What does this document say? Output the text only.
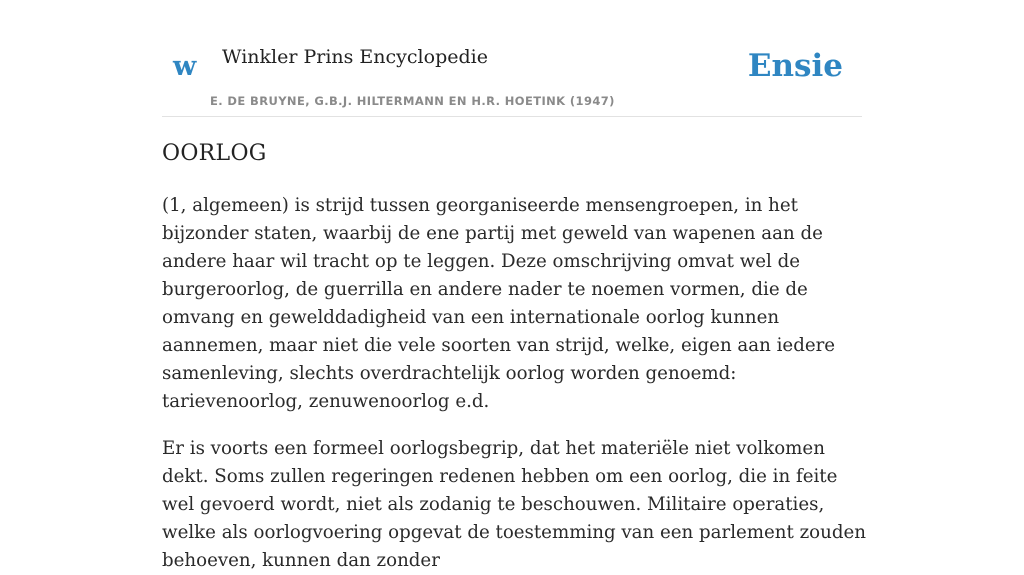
w Winkler Prins Encyclopedie
E. DE BRUYNE, G.B.J. HILTERMANN EN H.R. HOETINK (1947)
Ensie
OORLOG

(1, algemeen) is strijd tussen georganiseerde mensengroepen, in het bijzonder staten, waarbij de ene partij met geweld van wapenen aan de andere haar wil tracht op te leggen. Deze omschrijving omvat wel de burgeroorlog, de guerrilla en andere nader te noemen vormen, die de omvang en gewelddadigheid van een internationale oorlog kunnen aannemen, maar niet die vele soorten van strijd, welke, eigen aan iedere samenleving, slechts overdrachtelijk oorlog worden genoemd: tarievenoorlog, zenuwenoorlog e.d.

Er is voorts een formeel oorlogsbegrip, dat het materiële niet volkomen dekt. Soms zullen regeringen redenen hebben om een oorlog, die in feite wel gevoerd wordt, niet als zodanig te beschouwen. Militaire operaties, welke als oorlogvoering opgevat de toestemming van een parlement zouden behoeven, kunnen dan zonder
